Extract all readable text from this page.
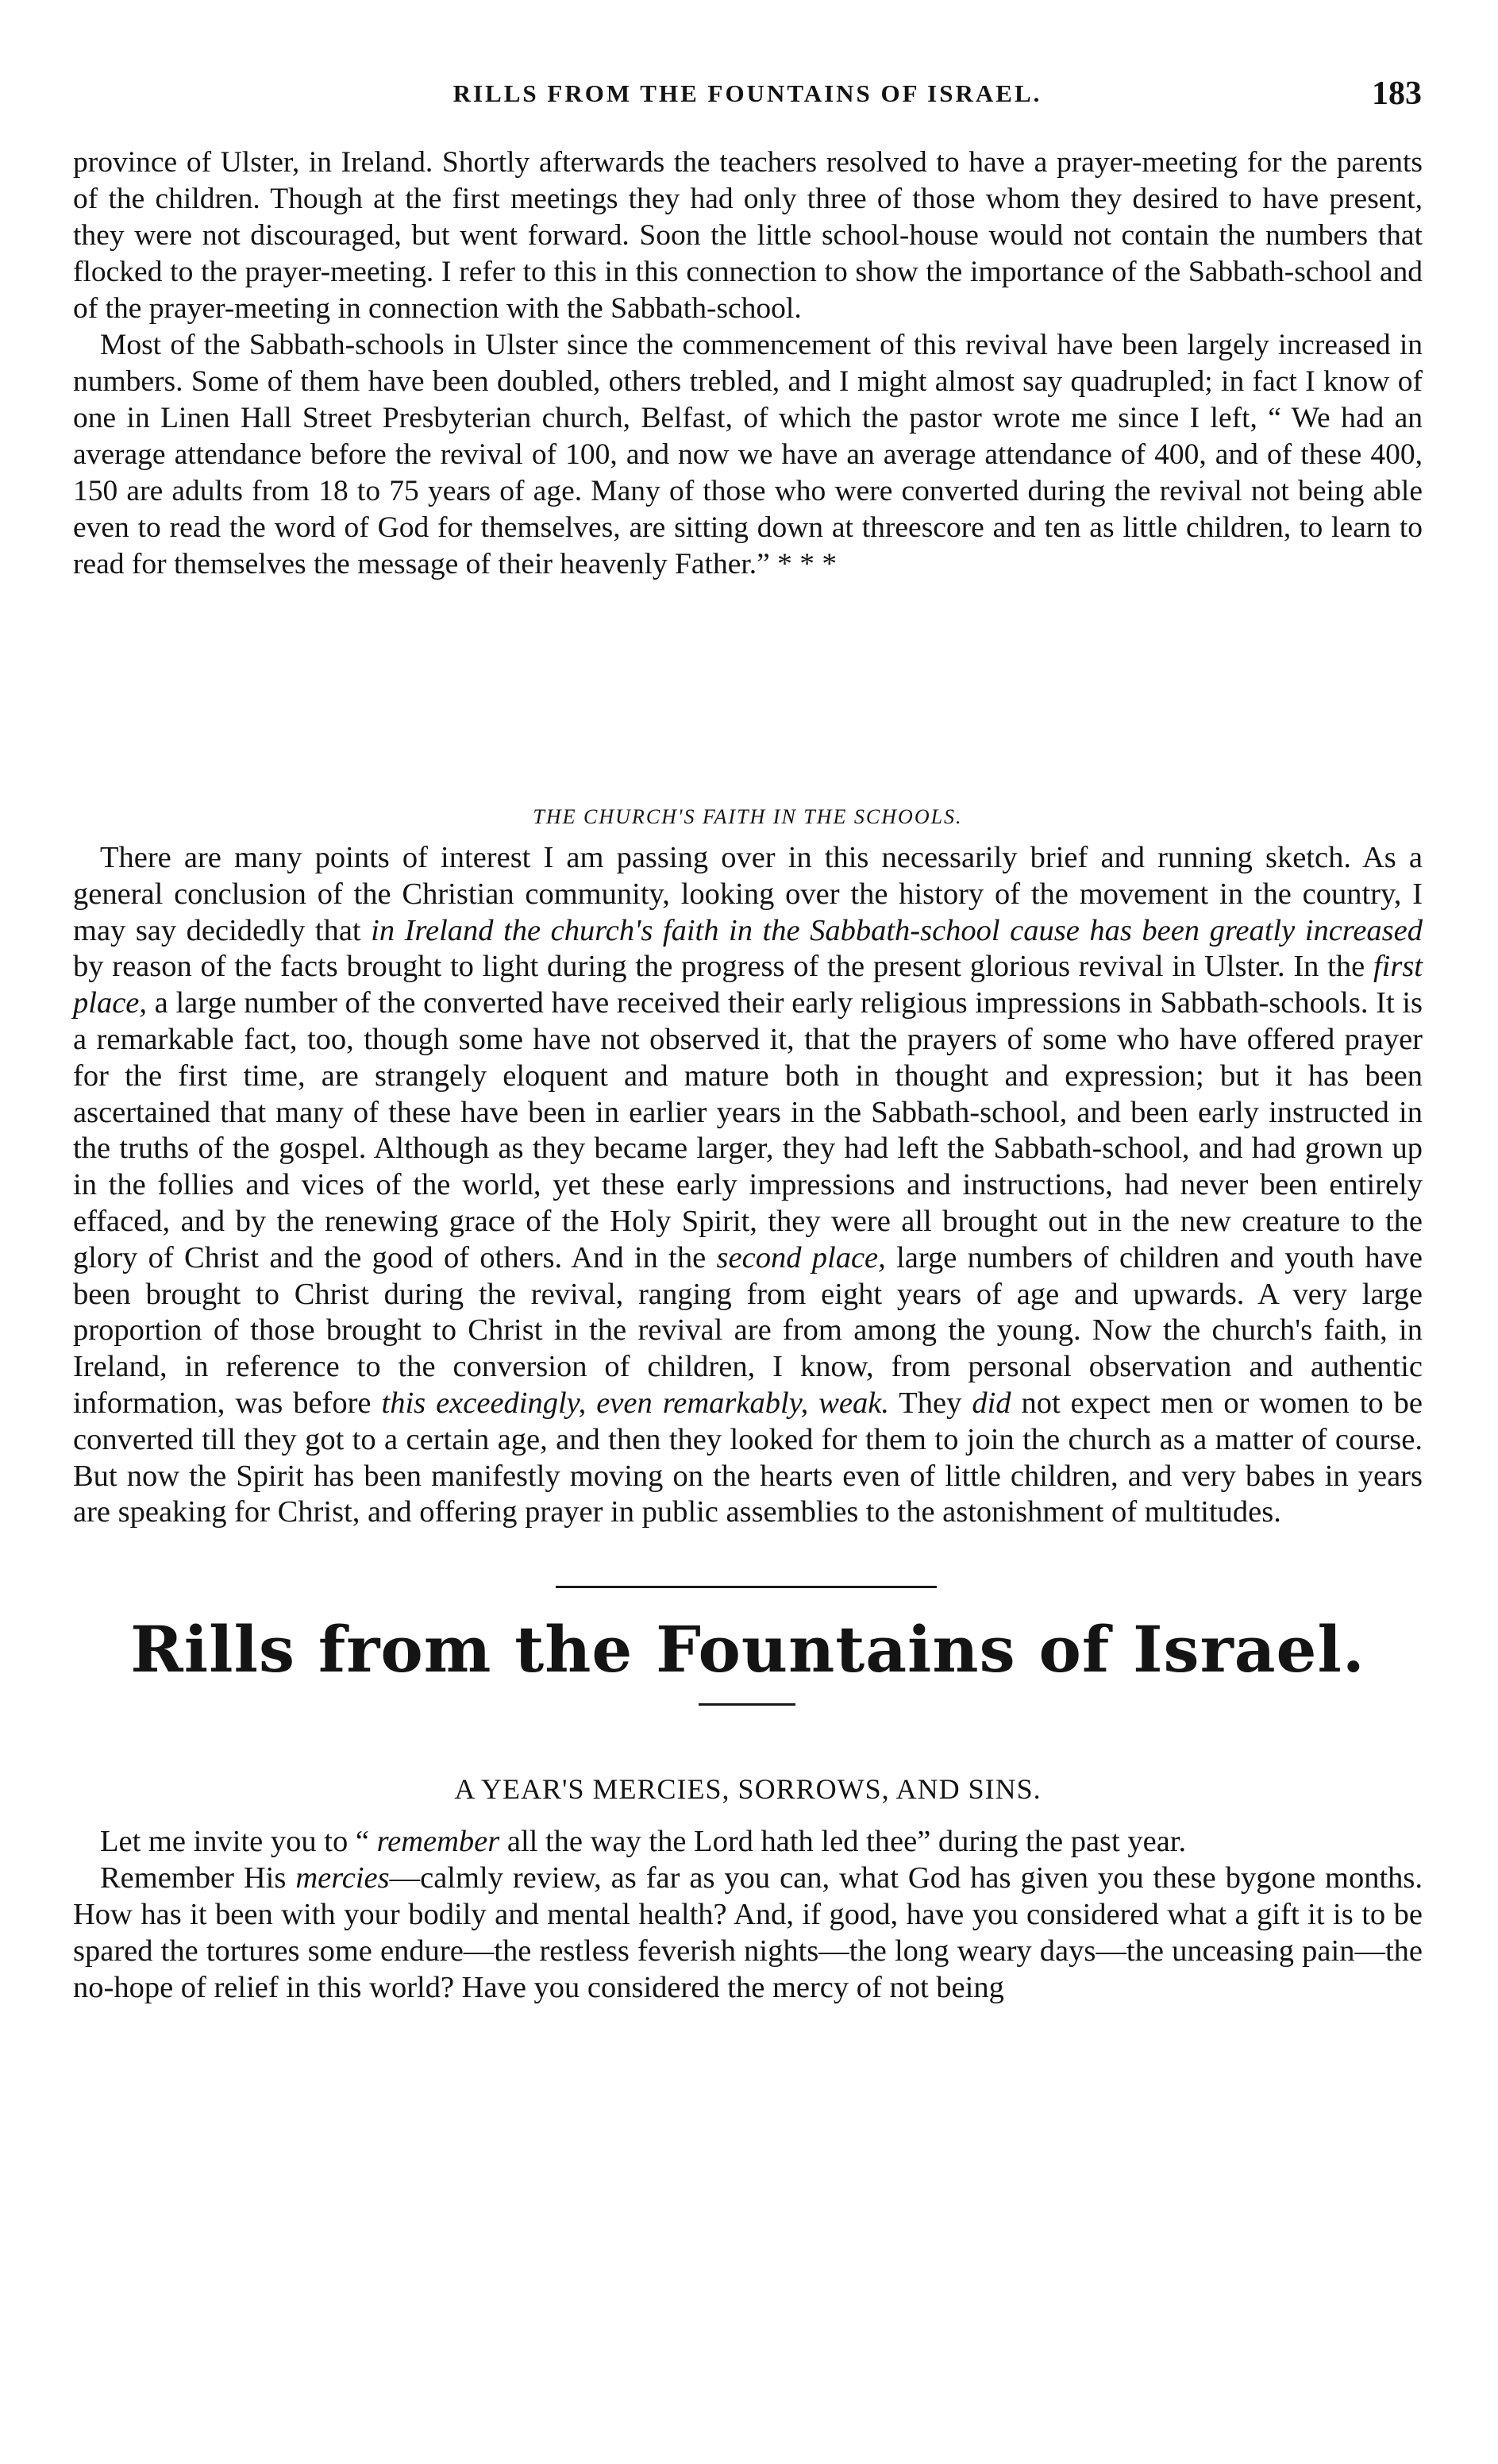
RILLS FROM THE FOUNTAINS OF ISRAEL.	183

province of Ulster, in Ireland. Shortly afterwards the teachers resolved to have a prayer-meeting for the parents of the children. Though at the first meetings they had only three of those whom they desired to have present, they were not discouraged, but went forward. Soon the little school-house would not contain the numbers that flocked to the prayer-meeting. I refer to this in this connection to show the importance of the Sabbath-school and of the prayer-meeting in connection with the Sabbath-school.

Most of the Sabbath-schools in Ulster since the commencement of this revival have been largely increased in numbers. Some of them have been doubled, others trebled, and I might almost say quadrupled; in fact I know of one in Linen Hall Street Presbyterian church, Belfast, of which the pastor wrote me since I left, “ We had an average attendance before the revival of 100, and now we have an average attendance of 400, and of these 400, 150 are adults from 18 to 75 years of age. Many of those who were converted during the revival not being able even to read the word of God for themselves, are sitting down at threescore and ten as little children, to learn to read for themselves the message of their heavenly Father.” * * *

THE CHURCH'S FAITH IN THE SCHOOLS.

There are many points of interest I am passing over in this necessarily brief and running sketch. As a general conclusion of the Christian community, looking over the history of the movement in the country, I may say decidedly that in Ireland the church's faith in the Sabbath-school cause has been greatly increased by reason of the facts brought to light during the progress of the present glorious revival in Ulster. In the first place, a large number of the converted have received their early religious impressions in Sabbath-schools. It is a remarkable fact, too, though some have not observed it, that the prayers of some who have offered prayer for the first time, are strangely eloquent and mature both in thought and expression; but it has been ascertained that many of these have been in earlier years in the Sabbath-school, and been early instructed in the truths of the gospel. Although as they became larger, they had left the Sabbath-school, and had grown up in the follies and vices of the world, yet these early impressions and instructions, had never been entirely effaced, and by the renewing grace of the Holy Spirit, they were all brought out in the new creature to the glory of Christ and the good of others. And in the second place, large numbers of children and youth have been brought to Christ during the revival, ranging from eight years of age and upwards. A very large proportion of those brought to Christ in the revival are from among the young. Now the church's faith, in Ireland, in reference to the conversion of children, I know, from personal observation and authentic information, was before this exceedingly, even remarkably, weak. They did not expect men or women to be converted till they got to a certain age, and then they looked for them to join the church as a matter of course. But now the Spirit has been manifestly moving on the hearts even of little children, and very babes in years are speaking for Christ, and offering prayer in public assemblies to the astonishment of multitudes.

Rills from the Fountains of Israel.
A YEAR'S MERCIES, SORROWS, AND SINS.

Let me invite you to “ remember all the way the Lord hath led thee” during the past year.

Remember His mercies—calmly review, as far as you can, what God has given you these bygone months. How has it been with your bodily and mental health? And, if good, have you considered what a gift it is to be spared the tortures some endure—the restless feverish nights—the long weary days—the unceasing pain—the no-hope of relief in this world? Have you considered the mercy of not being
